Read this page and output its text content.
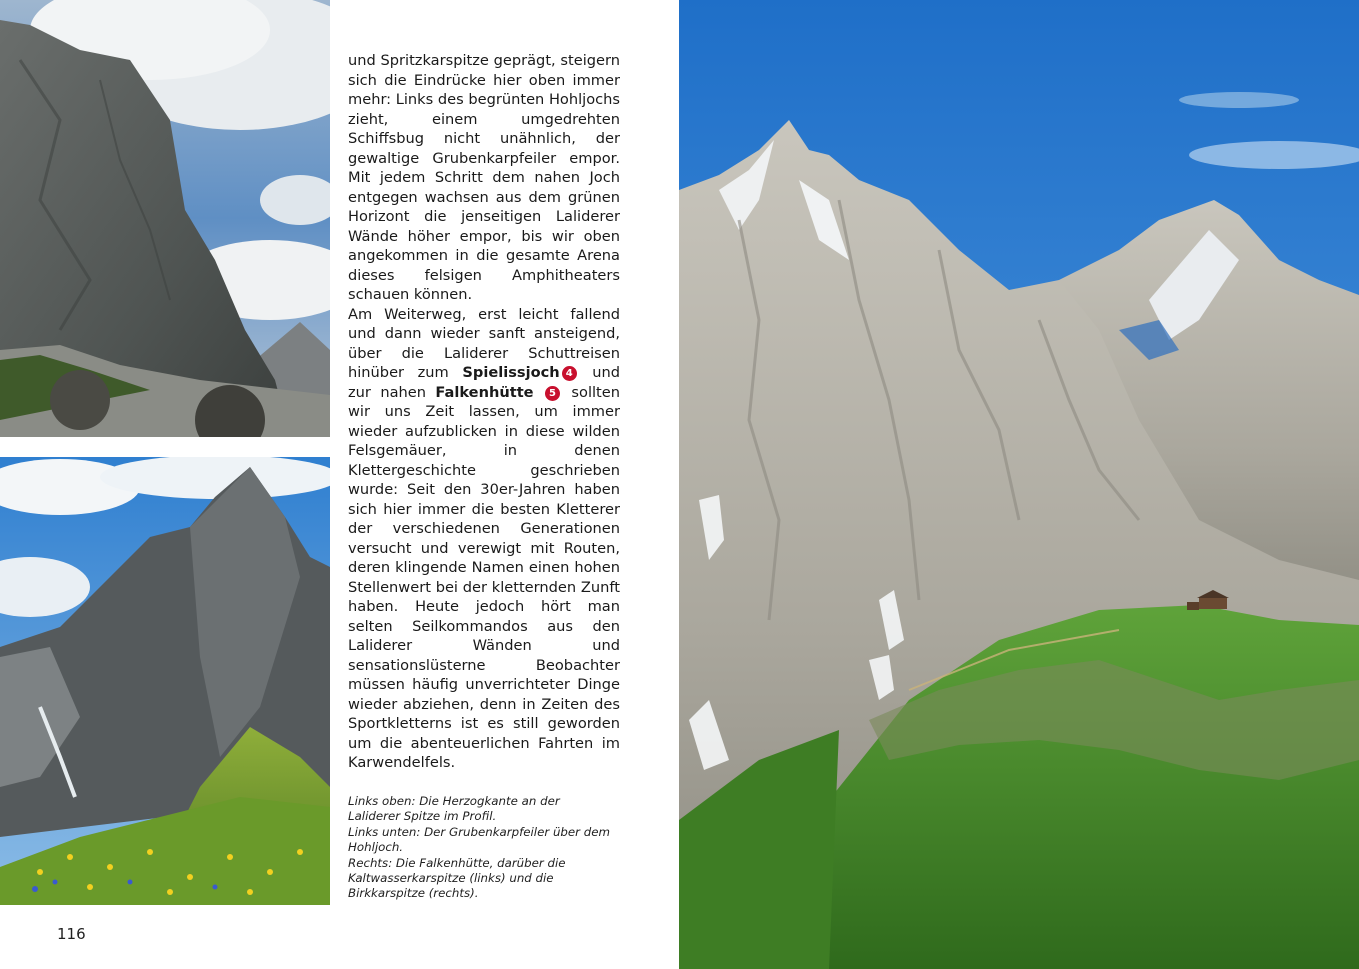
und Spritzkarspitze geprägt, steigern sich die Eindrücke hier oben immer mehr: Links des begrünten Hohljochs zieht, einem umgedrehten Schiffsbug nicht unähnlich, der gewaltige Grubenkarpfeiler empor. Mit jedem Schritt dem nahen Joch entgegen wachsen aus dem grünen Horizont die jenseitigen Laliderer Wände höher empor, bis wir oben angekommen in die gesamte Arena dieses felsigen Amphitheaters schauen können.

Am Weiterweg, erst leicht fallend und dann wieder sanft ansteigend, über die Laliderer Schuttreisen hinüber zum Spielissjoch 4 und zur nahen Falkenhütte 5 sollten wir uns Zeit lassen, um immer wieder aufzublicken in diese wilden Felsgemäuer, in denen Klettergeschichte geschrieben wurde: Seit den 30er-Jahren haben sich hier immer die besten Kletterer der verschiedenen Generationen versucht und verewigt mit Routen, deren klingende Namen einen hohen Stellenwert bei der kletternden Zunft haben. Heute jedoch hört man selten Seilkommandos aus den Laliderer Wänden und sensationslüsterne Beobachter müssen häufig unverrichteter Dinge wieder abziehen, denn in Zeiten des Sportkletterns ist es still geworden um die abenteuerlichen Fahrten im Karwendelfels.

Links oben: Die Herzogkante an der Laliderer Spitze im Profil.

Links unten: Der Grubenkarpfeiler über dem Hohljoch.

Rechts: Die Falkenhütte, darüber die Kaltwasserkarspitze (links) und die Birkkarspitze (rechts).

116
